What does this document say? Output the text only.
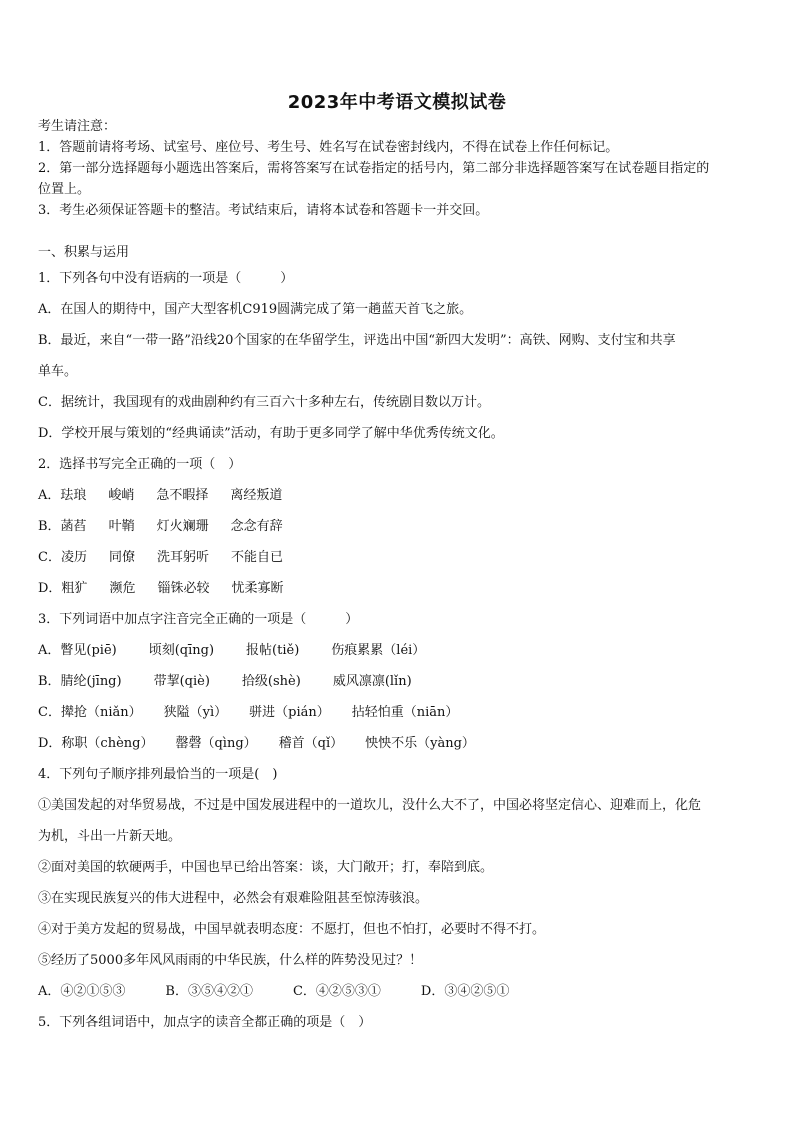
2023年中考语文模拟试卷
考生请注意：
1．答题前请将考场、试室号、座位号、考生号、姓名写在试卷密封线内，不得在试卷上作任何标记。
2．第一部分选择题每小题选出答案后，需将答案写在试卷指定的括号内，第二部分非选择题答案写在试卷题目指定的
位置上。
3．考生必须保证答题卡的整洁。考试结束后，请将本试卷和答题卡一并交回。
一、积累与运用
1．下列各句中没有语病的一项是（　　　）
A．在国人的期待中，国产大型客机C919圆满完成了第一趟蓝天首飞之旅。
B．最近，来自“一带一路”沿线20个国家的在华留学生，评选出中国“新四大发明”：高铁、网购、支付宝和共享
单车。
C．据统计，我国现有的戏曲剧种约有三百六十多种左右，传统剧目数以万计。
D．学校开展与策划的“经典诵读”活动，有助于更多同学了解中华优秀传统文化。
2．选择书写完全正确的一项（　）
A．珐琅 峻峭 急不暇择 离经叛道
B．菡萏 叶鞘 灯火斓珊 念念有辞
C．凌历 同僚 洗耳躬听 不能自已
D．粗犷 濒危 锱铢必较 忧柔寡断
3．下列词语中加点字注音完全正确的一项是（　　　）
A．瞥见(piē) 顷刻(qīng) 报帖(tiě) 伤痕累累（léi）
B．腈纶(jīng) 带挈(qiè) 拾级(shè) 威风凛凛(lǐn)
C．撵抢（niǎn） 狭隘（yì） 骈进（pián） 拈轻怕重（niān）
D．称职（chèng） 罄磬（qìng） 稽首（qǐ） 怏怏不乐（yàng）
4．下列句子顺序排列最恰当的一项是(　)
①美国发起的对华贸易战，不过是中国发展进程中的一道坎儿，没什么大不了，中国必将坚定信心、迎难而上，化危
为机，斗出一片新天地。
②面对美国的软硬两手，中国也早已给出答案：谈，大门敞开；打，奉陪到底。
③在实现民族复兴的伟大进程中，必然会有艰难险阻甚至惊涛骇浪。
④对于美方发起的贸易战，中国早就表明态度：不愿打，但也不怕打，必要时不得不打。
⑤经历了5000多年风风雨雨的中华民族，什么样的阵势没见过？！
A．④②①⑤③	B．③⑤④②①	C．④②⑤③①	D．③④②⑤①
5．下列各组词语中，加点字的读音全都正确的项是（　）
